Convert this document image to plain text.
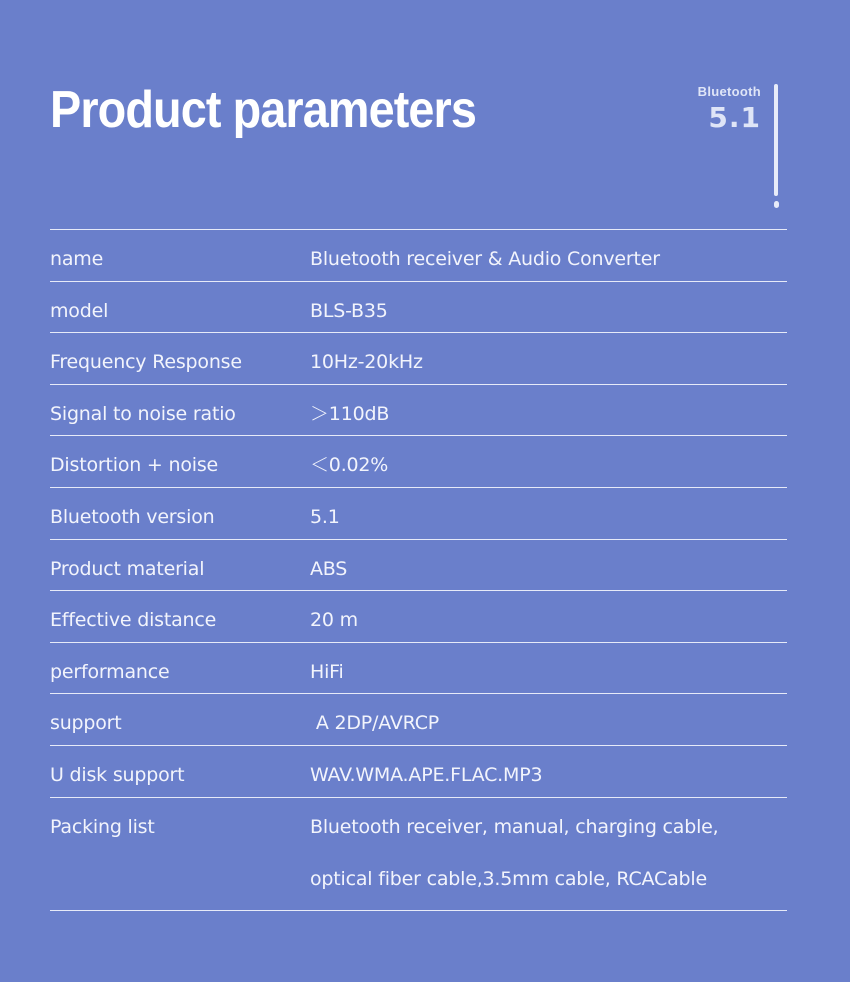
Product parameters	Bluetooth
5.1
name	Bluetooth receiver & Audio Converter
model	BLS-B35
Frequency Response	10Hz-20kHz
Signal to noise ratio	＞110dB
Distortion + noise	＜0.02%
Bluetooth version	5.1
Product material	ABS
Effective distance	20 m
performance	HiFi
support	A 2DP/AVRCP
U disk support	WAV.WMA.APE.FLAC.MP3
Packing list	Bluetooth receiver, manual, charging cable,
optical fiber cable,3.5mm cable, RCACable
